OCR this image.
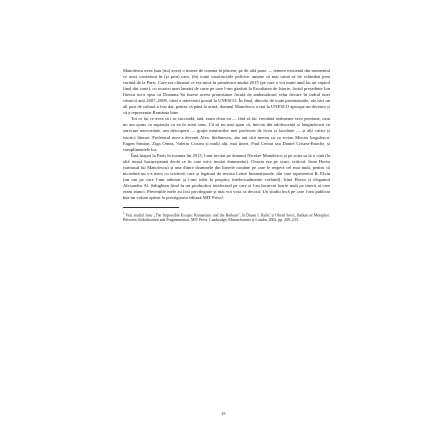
Manolescu avea (sau [nu] avea) o timere de cinema la plăcere, pe de altă parte — temere existentă din momentul ce avea conexiuni în (și prin) care, (în) toate construcțiile politice, anume că mai urmă să fie schimbat prea curând de la Paris. Care era climatul ce era mică în primăvara anului 2015 (pe care o voi numi anul lui un capitol final din carte), co ocaziei unei lansări de carte pe care l-am găzduit la Facultatea de Istorie, fostul președinte Ion Iliescu mi-a spus că Doamna Sa fusese aceea promisiune făcută de ambasadorul celui fiecare în cadrul unei căsnicii anii 2007–2008, când a intervenit postul la UNESCO. În final, dincolo de toate promisiunile, ale nici un alt post de cultură a fost dat, pentru că până la urmă, domnul Manolescu a stat la UNESCO aproape un deceniu și că a reprezentat România bine.

Tot ce lui ce avea să i se succeadă, iată, eram chiar eu — fără să fac vreodată realmente vreo presiune, cum nu am ajuns cu aspirația cu ea în acest sens. Că să nu mai spun că, într-un din adolescență și lungindu-mi cu oarecare nervozitate, am descoperit — grație mărturiilor mei profesori de liceu și facultate — și alți critici și istorici literari. Preferatul meu a devenit Alex. Ștefănescu, dar am citit mereu cu ce scriau Mircea Iorgulescu, Eugen Simion, Ziga Ornea, Valeriu Cristea și mulți alți, mai tineri, Paul Cernat sau Daniel Cristea-Enache, și complimentele lor.

Însă înapoi la Paris în toamna lui 2015, l-am invitat pe domnul Nicolae Manolescu și pe soția sa la o cină (la altă terasă bucureșteană decât ce în care mi-a invitat dumnealui). Ocazia era pe scurt, criticul: Irina Horea (urmașul lui Manolescu) și una dintre doamnele din literele române pe care le respect cel mai mult, pentru că niciodată nu s-a mers cu scriitorii care și legătură de revista Lettre Internationale, din care reprezentat B. Elvin (un om pe care l-am admirat și l-am iubit la propriu, intelectualmente vorbind). Irina Horea și elegantul Alexandru Al. Șahighian fiind în un producător intelectual pe care și l-au încurcat foarte mult pe tinerii ai care eram atunci. Pretențiile mele au fost privilegiate și mai voi vota ca decizii. Un studiu încă pe care l-am publicat într-un volum apărut la prestigioasa editură MIT Press¹.

$^1$Vezi studiul meu „The Impossible Escape: Romanians and the Balkans", în Dușan I. Bjelić și Obrad Savić, Balkan as Metaphor: Between Globalization and Fragmentation, MIT Press, Cambridge, Massachusetts și Londra, 2002, pp. 209–233.

15
